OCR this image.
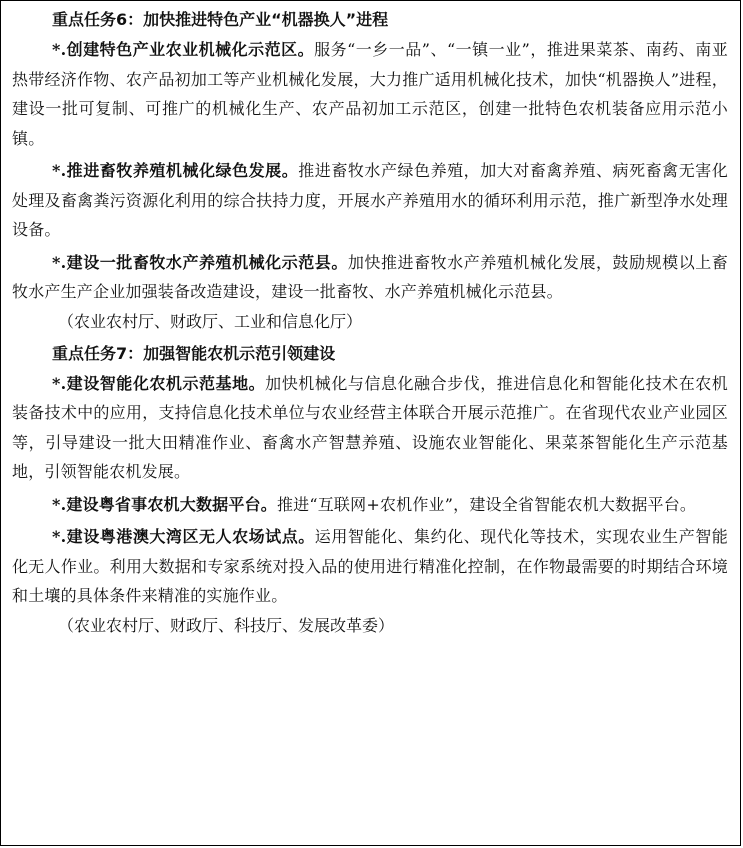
重点任务6：加快推进特色产业“机器换人”进程

*.创建特色产业农业机械化示范区。服务“一乡一品”、“一镇一业”，推进果菜茶、南药、南亚热带经济作物、农产品初加工等产业机械化发展，大力推广适用机械化技术，加快“机器换人”进程，建设一批可复制、可推广的机械化生产、农产品初加工示范区，创建一批特色农机装备应用示范小镇。

*.推进畜牧养殖机械化绿色发展。推进畜牧水产绿色养殖，加大对畜禽养殖、病死畜禽无害化处理及畜禽粪污资源化利用的综合扶持力度，开展水产养殖用水的循环利用示范，推广新型净水处理设备。

*.建设一批畜牧水产养殖机械化示范县。加快推进畜牧水产养殖机械化发展，鼓励规模以上畜牧水产生产企业加强装备改造建设，建设一批畜牧、水产养殖机械化示范县。

（农业农村厅、财政厅、工业和信息化厅）

重点任务7：加强智能农机示范引领建设

*.建设智能化农机示范基地。加快机械化与信息化融合步伐，推进信息化和智能化技术在农机装备技术中的应用，支持信息化技术单位与农业经营主体联合开展示范推广。在省现代农业产业园区等，引导建设一批大田精准作业、畜禽水产智慧养殖、设施农业智能化、果菜茶智能化生产示范基地，引领智能农机发展。

*.建设粤省事农机大数据平台。推进“互联网+农机作业”，建设全省智能农机大数据平台。

*.建设粤港澳大湾区无人农场试点。运用智能化、集约化、现代化等技术，实现农业生产智能化无人作业。利用大数据和专家系统对投入品的使用进行精准化控制，在作物最需要的时期结合环境和土壤的具体条件来精准的实施作业。

（农业农村厅、财政厅、科技厅、发展改革委）
